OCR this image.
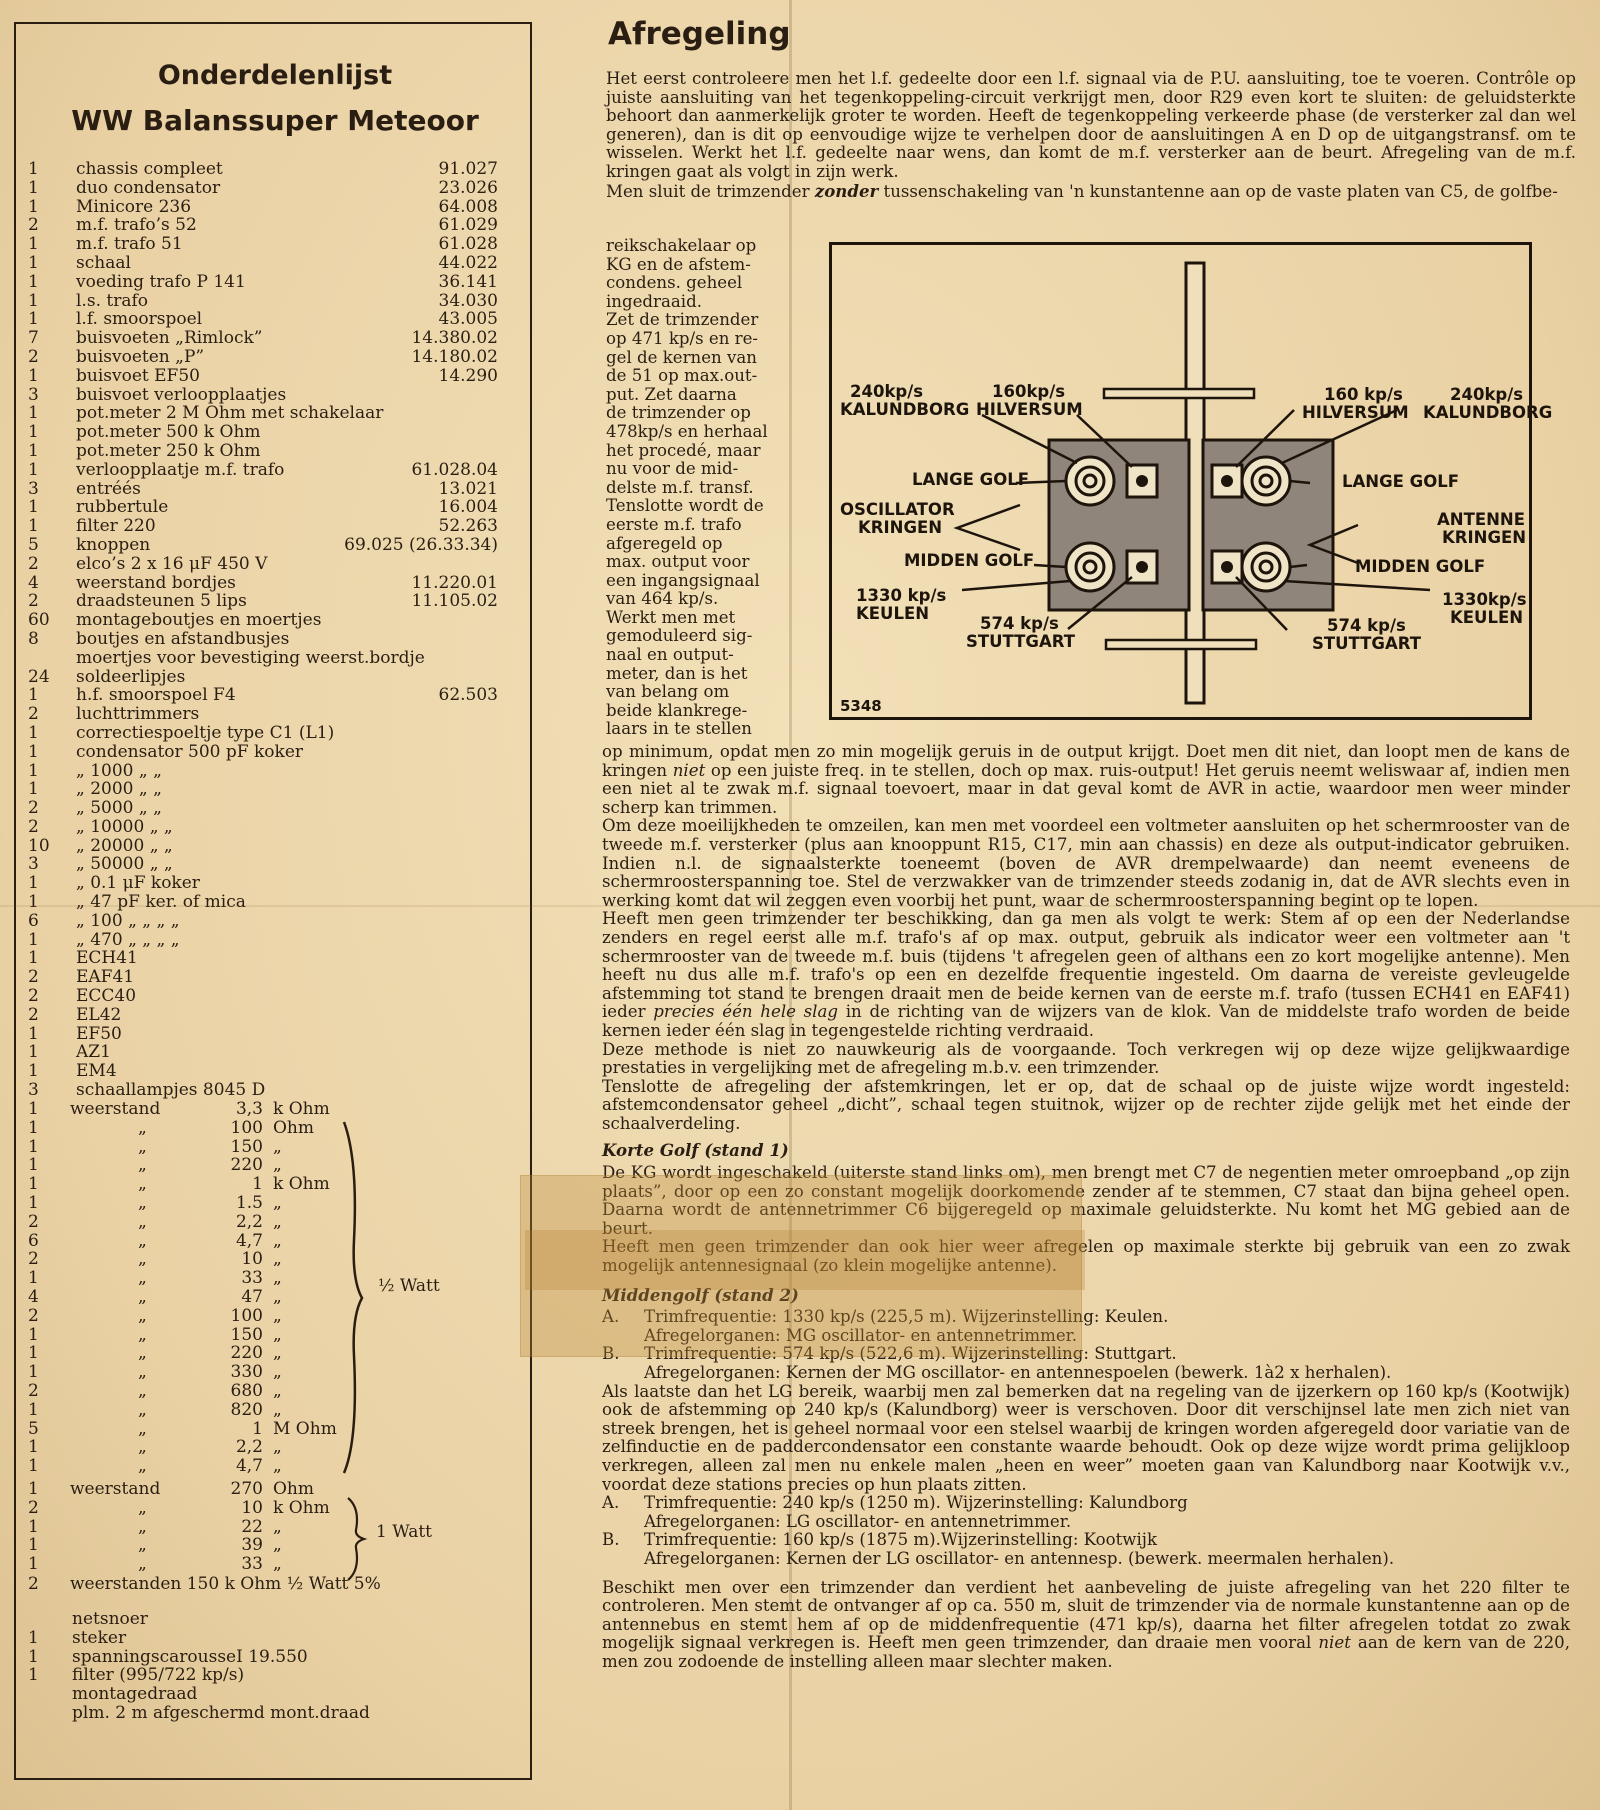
Onderdelenlijst
WW Balanssuper Meteoor
1	chassis compleet	91.027
1	duo condensator	23.026
1	Minicore 236	64.008
2	m.f. trafo’s 52	61.029
1	m.f. trafo 51	61.028
1	schaal	44.022
1	voeding trafo P 141	36.141
1	l.s. trafo	34.030
1	l.f. smoorspoel	43.005
7	buisvoeten „Rimlock”	14.380.02
2	buisvoeten „P”	14.180.02
1	buisvoet EF50	14.290
3	buisvoet verloopplaatjes
1	pot.meter 2 M Ohm met schakelaar
1	pot.meter 500 k Ohm
1	pot.meter 250 k Ohm
1	verloopplaatje m.f. trafo	61.028.04
3	entréés	13.021
1	rubbertule	16.004
1	filter 220	52.263
5	knoppen	69.025 (26.33.34)
2	elco’s 2 x 16 μF 450 V
4	weerstand bordjes	11.220.01
2	draadsteunen 5 lips	11.105.02
60	montageboutjes en moertjes
8	boutjes en afstandbusjes
moertjes voor bevestiging weerst.bordje
24	soldeerlipjes
1	h.f. smoorspoel F4	62.503
2	luchttrimmers
1	correctiespoeltje type C1 (L1)
1	condensator 500 pF koker
1	„ 1000 „ „
1	„ 2000 „ „
2	„ 5000 „ „
2	„ 10000 „ „
10	„ 20000 „ „
3	„ 50000 „ „
1	„ 0.1 μF koker
1	„ 47 pF ker. of mica
6	„ 100 „ „ „ „
1	„ 470 „ „ „ „
1	ECH41
2	EAF41
2	ECC40
2	EL42
1	EF50
1	AZ1
1	EM4
3	schaallampjes 8045 D
1	weerstand	3,3 k Ohm
1	„	100 Ohm
1	„	150 „
1	„	220 „
1	„	1 k Ohm
1	„	1.5 „
2	„	2,2 „
6	„	4,7 „
2	„	10 „
1	„	33 „
4	„	47 „
2	„	100 „
1	„	150 „
1	„	220 „
1	„	330 „
2	„	680 „
1	„	820 „
5	„	1 M Ohm
1	„	2,2 „
1	„	4,7 „
½ Watt
1	weerstand	270 Ohm
2	„	10 k Ohm
1	„	22 „
1	„	39 „
1	„	33 „
1 Watt
2	weerstanden 150 k Ohm ½ Watt 5%
netsnoer
1	steker
1	spanningscarousseI 19.550
1	filter (995/722 kp/s)
montagedraad
plm. 2 m afgeschermd mont.draad
Afregeling

Het eerst controleere men het l.f. gedeelte door een l.f. signaal via de P.U. aansluiting, toe te voeren. Contrôle op juiste aansluiting van het tegenkoppeling-circuit verkrijgt men, door R29 even kort te sluiten: de geluidsterkte behoort dan aanmerkelijk groter te worden. Heeft de tegenkoppeling verkeerde phase (de versterker zal dan wel generen), dan is dit op eenvoudige wijze te verhelpen door de aansluitingen A en D op de uitgangstransf. om te wisselen. Werkt het l.f. gedeelte naar wens, dan komt de m.f. versterker aan de beurt. Afregeling van de m.f. kringen gaat als volgt in zijn werk.

Men sluit de trimzender zonder tussenschakeling van 'n kunstantenne aan op de vaste platen van C5, de golfbe-

reikschakelaar op
KG en de afstem-
condens. geheel
ingedraaid.
Zet de trimzender
op 471 kp/s en re-
gel de kernen van
de 51 op max.out-
put. Zet daarna
de trimzender op
478kp/s en herhaal
het procedé, maar
nu voor de mid-
delste m.f. transf.
Tenslotte wordt de
eerste m.f. trafo
afgeregeld op
max. output voor
een ingangsignaal
van 464 kp/s.
Werkt men met
gemoduleerd sig-
naal en output-
meter, dan is het
van belang om
beide klankrege-
laars in te stellen
240kp/s
KALUNDBORG
160kp/s
HILVERSUM
160 kp/s
HILVERSUM
240kp/s
KALUNDBORG
LANGE GOLF	LANGE GOLF
OSCILLATOR
KRINGEN	ANTENNE
KRINGEN
MIDDEN GOLF	MIDDEN GOLF
1330 kp/s
KEULEN
574 kp/s
STUTTGART
574 kp/s
STUTTGART
1330kp/s
KEULEN
5348

op minimum, opdat men zo min mogelijk geruis in de output krijgt. Doet men dit niet, dan loopt men de kans de kringen niet op een juiste freq. in te stellen, doch op max. ruis-output! Het geruis neemt weliswaar af, indien men een niet al te zwak m.f. signaal toevoert, maar in dat geval komt de AVR in actie, waardoor men weer minder scherp kan trimmen.

Om deze moeilijkheden te omzeilen, kan men met voordeel een voltmeter aansluiten op het schermrooster van de tweede m.f. versterker (plus aan knooppunt R15, C17, min aan chassis) en deze als output-indicator gebruiken. Indien n.l. de signaalsterkte toeneemt (boven de AVR drempelwaarde) dan neemt eveneens de schermroosterspanning toe. Stel de verzwakker van de trimzender steeds zodanig in, dat de AVR slechts even in werking komt dat wil zeggen even voorbij het punt, waar de schermroosterspanning begint op te lopen.

Heeft men geen trimzender ter beschikking, dan ga men als volgt te werk: Stem af op een der Nederlandse zenders en regel eerst alle m.f. trafo's af op max. output, gebruik als indicator weer een voltmeter aan 't schermrooster van de tweede m.f. buis (tijdens 't afregelen geen of althans een zo kort mogelijke antenne). Men heeft nu dus alle m.f. trafo's op een en dezelfde frequentie ingesteld. Om daarna de vereiste gevleugelde afstemming tot stand te brengen draait men de beide kernen van de eerste m.f. trafo (tussen ECH41 en EAF41) ieder precies één hele slag in de richting van de wijzers van de klok. Van de middelste trafo worden de beide kernen ieder één slag in tegengestelde richting verdraaid.

Deze methode is niet zo nauwkeurig als de voorgaande. Toch verkregen wij op deze wijze gelijkwaardige prestaties in vergelijking met de afregeling m.b.v. een trimzender.

Tenslotte de afregeling der afstemkringen, let er op, dat de schaal op de juiste wijze wordt ingesteld: afstemcondensator geheel „dicht”, schaal tegen stuitnok, wijzer op de rechter zijde gelijk met het einde der schaalverdeling.

Korte Golf (stand 1)

De KG wordt ingeschakeld (uiterste stand links om), men brengt met C7 de negentien meter omroepband „op zijn plaats”, door op een zo constant mogelijk doorkomende zender af te stemmen, C7 staat dan bijna geheel open. Daarna wordt de antennetrimmer C6 bijgeregeld op maximale geluidsterkte. Nu komt het MG gebied aan de beurt.

Heeft men geen trimzender dan ook hier weer afregelen op maximale sterkte bij gebruik van een zo zwak mogelijk antennesignaal (zo klein mogelijke antenne).

Middengolf (stand 2)

A. Trimfrequentie: 1330 kp/s (225,5 m). Wijzerinstelling: Keulen.
Afregelorganen: MG oscillator- en antennetrimmer.
B. Trimfrequentie: 574 kp/s (522,6 m). Wijzerinstelling: Stuttgart.
Afregelorganen: Kernen der MG oscillator- en antennespoelen (bewerk. 1à2 x herhalen).

Als laatste dan het LG bereik, waarbij men zal bemerken dat na regeling van de ijzerkern op 160 kp/s (Kootwijk) ook de afstemming op 240 kp/s (Kalundborg) weer is verschoven. Door dit verschijnsel late men zich niet van streek brengen, het is geheel normaal voor een stelsel waarbij de kringen worden afgeregeld door variatie van de zelfinductie en de paddercondensator een constante waarde behoudt. Ook op deze wijze wordt prima gelijkloop verkregen, alleen zal men nu enkele malen „heen en weer” moeten gaan van Kalundborg naar Kootwijk v.v., voordat deze stations precies op hun plaats zitten.

A. Trimfrequentie: 240 kp/s (1250 m). Wijzerinstelling: Kalundborg
Afregelorganen: LG oscillator- en antennetrimmer.
B. Trimfrequentie: 160 kp/s (1875 m).Wijzerinstelling: Kootwijk
Afregelorganen: Kernen der LG oscillator- en antennesp. (bewerk. meermalen herhalen).

Beschikt men over een trimzender dan verdient het aanbeveling de juiste afregeling van het 220 filter te controleren. Men stemt de ontvanger af op ca. 550 m, sluit de trimzender via de normale kunstantenne aan op de antennebus en stemt hem af op de middenfrequentie (471 kp/s), daarna het filter afregelen totdat zo zwak mogelijk signaal verkregen is. Heeft men geen trimzender, dan draaie men vooral niet aan de kern van de 220, men zou zodoende de instelling alleen maar slechter maken.
